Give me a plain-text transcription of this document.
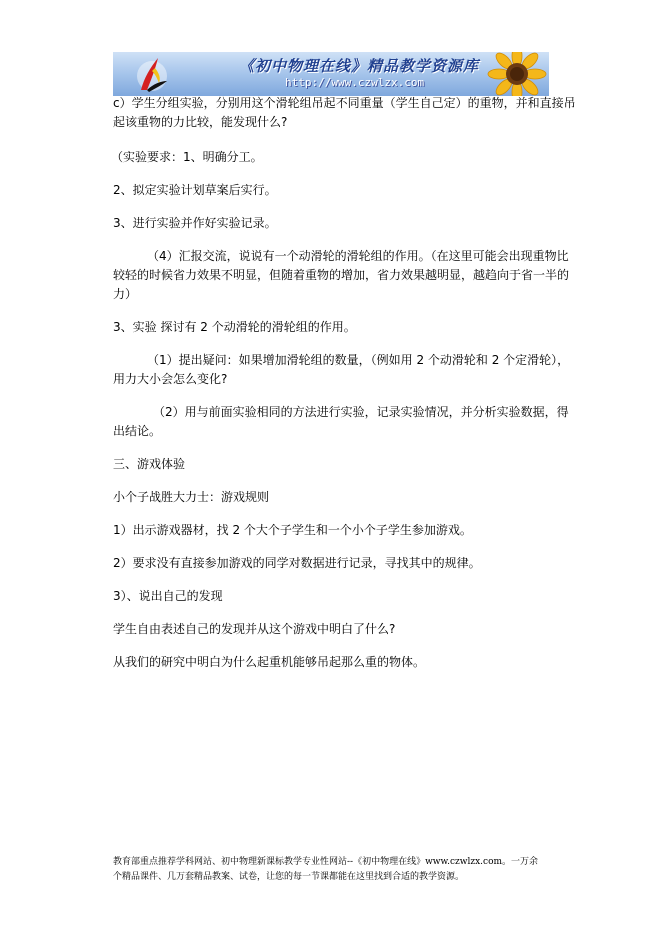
《初中物理在线》精品教学资源库
http://www.czwlzx.com

c）学生分组实验，分别用这个滑轮组吊起不同重量（学生自己定）的重物，并和直接吊起该重物的力比较，能发现什么?

（实验要求：1、明确分工。

2、拟定实验计划草案后实行。

3、进行实验并作好实验记录。

（4）汇报交流，说说有一个动滑轮的滑轮组的作用。（在这里可能会出现重物比较轻的时候省力效果不明显，但随着重物的增加，省力效果越明显，越趋向于省一半的力）

3、实验 探讨有 2 个动滑轮的滑轮组的作用。

（1）提出疑问：如果增加滑轮组的数量，（例如用 2 个动滑轮和 2 个定滑轮），用力大小会怎么变化?

（2）用与前面实验相同的方法进行实验，记录实验情况，并分析实验数据，得出结论。

三、游戏体验

小个子战胜大力士：游戏规则

1）出示游戏器材，找 2 个大个子学生和一个小个子学生参加游戏。

2）要求没有直接参加游戏的同学对数据进行记录，寻找其中的规律。

3）、说出自己的发现

学生自由表述自己的发现并从这个游戏中明白了什么?

从我们的研究中明白为什么起重机能够吊起那么重的物体。

教育部重点推荐学科网站、初中物理新课标教学专业性网站--《初中物理在线》www.czwlzx.com。一万余
个精品课件、几万套精品教案、试卷，让您的每一节课都能在这里找到合适的教学资源。
